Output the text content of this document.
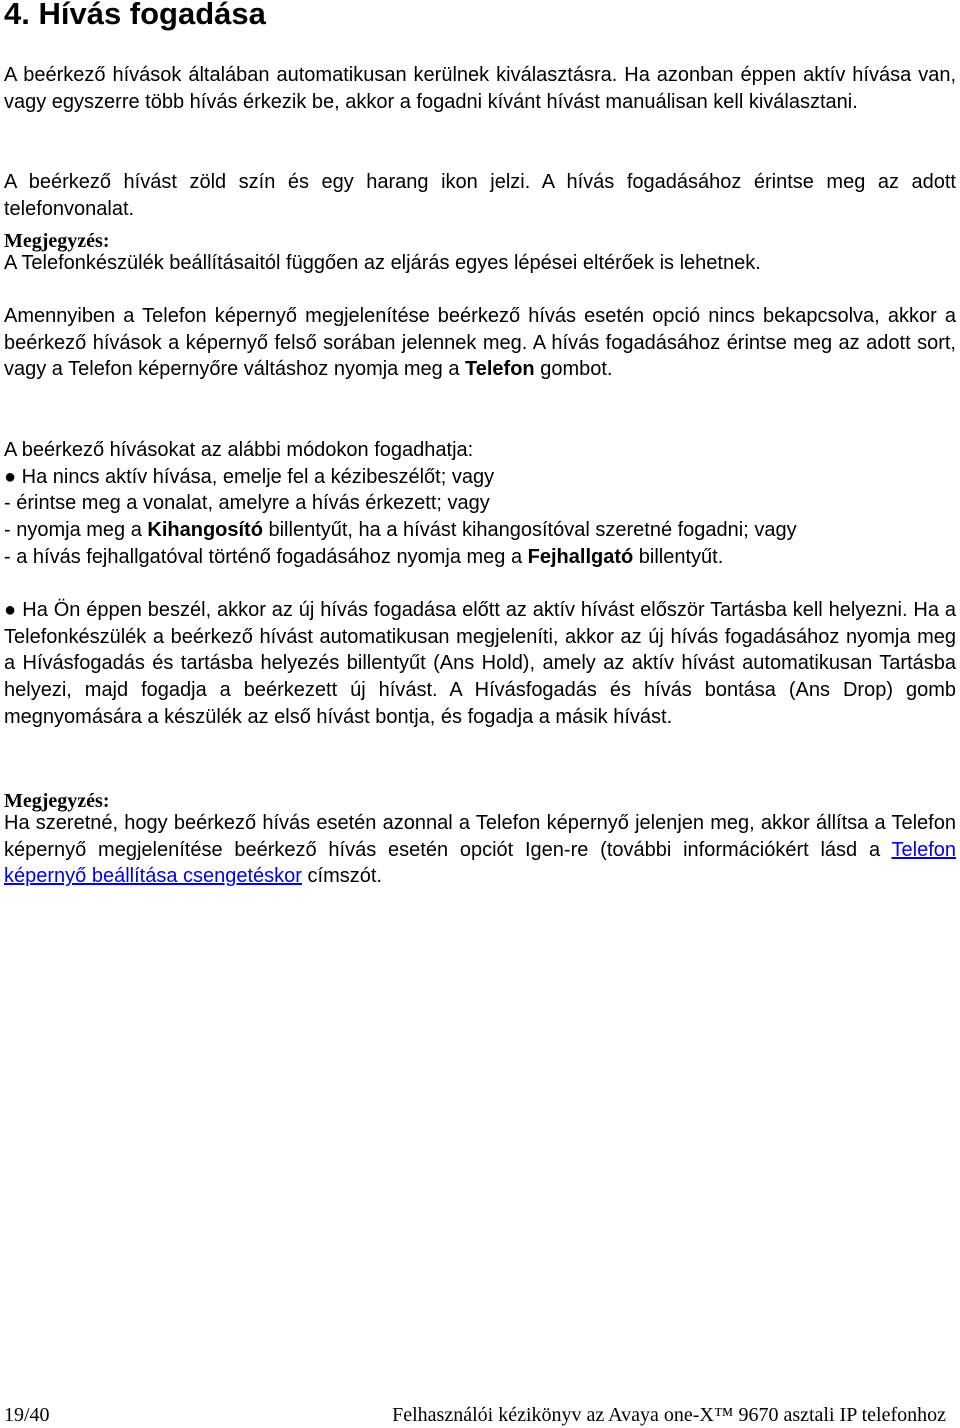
4. Hívás fogadása

A beérkező hívások általában automatikusan kerülnek kiválasztásra. Ha azonban éppen aktív hívása van, vagy egyszerre több hívás érkezik be, akkor a fogadni kívánt hívást manuálisan kell kiválasztani.

A beérkező hívást zöld szín és egy harang ikon jelzi. A hívás fogadásához érintse meg az adott telefonvonalat.

Megjegyzés:

A Telefonkészülék beállításaitól függően az eljárás egyes lépései eltérőek is lehetnek.

Amennyiben a Telefon képernyő megjelenítése beérkező hívás esetén opció nincs bekapcsolva, akkor a beérkező hívások a képernyő felső sorában jelennek meg. A hívás fogadásához érintse meg az adott sort, vagy a Telefon képernyőre váltáshoz nyomja meg a Telefon gombot.

A beérkező hívásokat az alábbi módokon fogadhatja:

● Ha nincs aktív hívása, emelje fel a kézibeszélőt; vagy

- érintse meg a vonalat, amelyre a hívás érkezett; vagy

- nyomja meg a Kihangosító billentyűt, ha a hívást kihangosítóval szeretné fogadni; vagy

- a hívás fejhallgatóval történő fogadásához nyomja meg a Fejhallgató billentyűt.

● Ha Ön éppen beszél, akkor az új hívás fogadása előtt az aktív hívást először Tartásba kell helyezni. Ha a Telefonkészülék a beérkező hívást automatikusan megjeleníti, akkor az új hívás fogadásához nyomja meg a Hívásfogadás és tartásba helyezés billentyűt (Ans Hold), amely az aktív hívást automatikusan Tartásba helyezi, majd fogadja a beérkezett új hívást. A Hívásfogadás és hívás bontása (Ans Drop) gomb megnyomására a készülék az első hívást bontja, és fogadja a másik hívást.

Megjegyzés:

Ha szeretné, hogy beérkező hívás esetén azonnal a Telefon képernyő jelenjen meg, akkor állítsa a Telefon képernyő megjelenítése beérkező hívás esetén opciót Igen-re (további információkért lásd a Telefon képernyő beállítása csengetéskor címszót.

19/40	Felhasználói kézikönyv az Avaya one-X™ 9670 asztali IP telefonhoz
